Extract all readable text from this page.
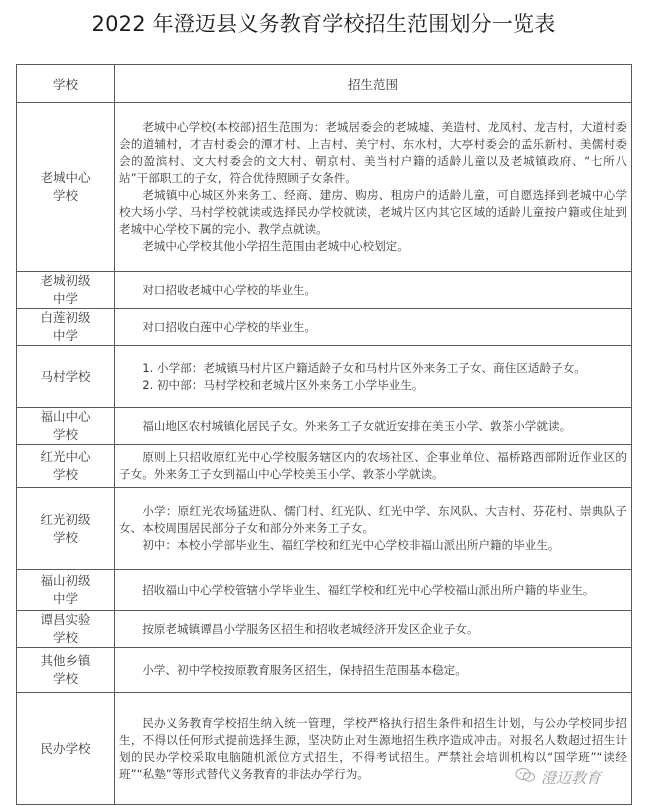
2022 年澄迈县义务教育学校招生范围划分一览表
学校	招生范围
老城中心学校	老城中心学校(本校部)招生范围为：老城居委会的老城墟、美造村、龙凤村、龙吉村，大道村委会的道辅村，才吉村委会的潭才村、上吉村、美宁村、东水村，大亭村委会的孟乐新村、美儒村委会的盈滨村、文大村委会的文大村、朝京村、美当村户籍的适龄儿童以及老城镇政府、“七所八站”干部职工的子女，符合优待照顾子女条件。

老城镇中心城区外来务工、经商、建房、购房、租房户的适龄儿童，可自愿选择到老城中心学校大场小学、马村学校就读或选择民办学校就读，老城片区内其它区域的适龄儿童按户籍或住址到老城中心学校下属的完小、教学点就读。

老城中心学校其他小学招生范围由老城中心校划定。

老城初级中学	对口招收老城中心学校的毕业生。

白莲初级中学	对口招收白莲中心学校的毕业生。

马村学校	1. 小学部：老城镇马村片区户籍适龄子女和马村片区外来务工子女、商住区适龄子女。

2. 初中部：马村学校和老城片区外来务工小学毕业生。

福山中心学校	福山地区农村城镇化居民子女。外来务工子女就近安排在美玉小学、敦茶小学就读。

红光中心学校	原则上只招收原红光中心学校服务辖区内的农场社区、企事业单位、福桥路西部附近作业区的子女。外来务工子女到福山中心学校美玉小学、敦茶小学就读。

红光初级学校	小学：原红光农场猛进队、儒门村、红光队、红光中学、东风队、大吉村、芬花村、崇典队子女、本校周围居民部分子女和部分外来务工子女。

初中：本校小学部毕业生、福红学校和红光中心学校非福山派出所户籍的毕业生。

福山初级中学	招收福山中心学校管辖小学毕业生、福红学校和红光中心学校福山派出所户籍的毕业生。

谭昌实验学校	按原老城镇谭昌小学服务区招生和招收老城经济开发区企业子女。

其他乡镇学校	小学、初中学校按原教育服务区招生，保持招生范围基本稳定。

民办学校	民办义务教育学校招生纳入统一管理，学校严格执行招生条件和招生计划，与公办学校同步招生，不得以任何形式提前选择生源，坚决防止对生源地招生秩序造成冲击。对报名人数超过招生计划的民办学校采取电脑随机派位方式招生，不得考试招生。严禁社会培训机构以“国学班”“读经班”“私塾”等形式替代义务教育的非法办学行为。	澄迈教育
